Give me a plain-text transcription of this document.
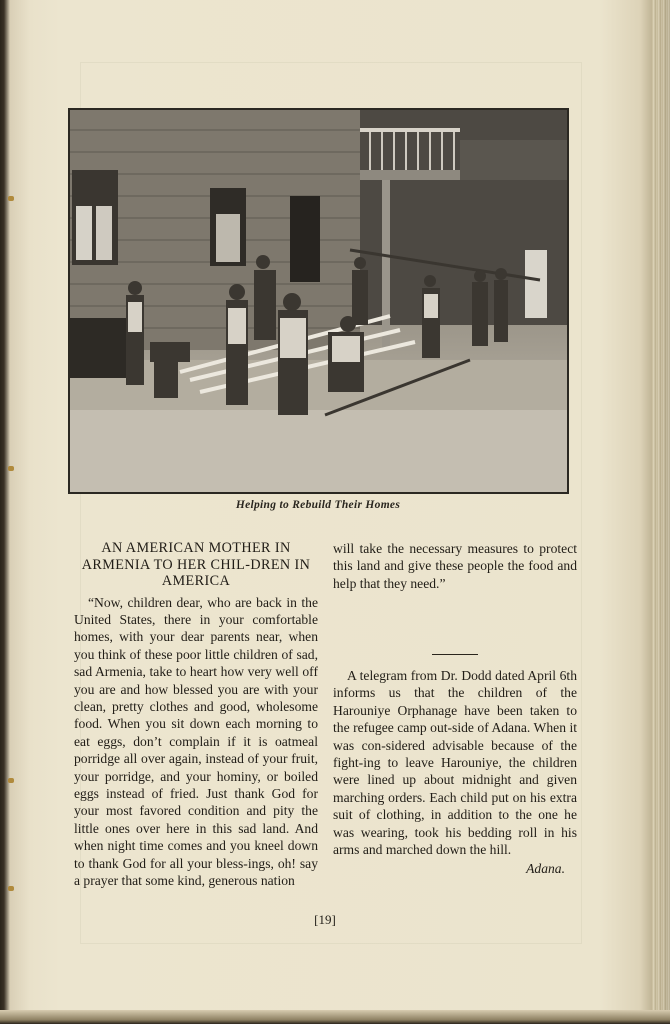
Helping to Rebuild Their Homes
AN AMERICAN MOTHER IN ARMENIA TO HER CHIL-DREN IN AMERICA

“Now, children dear, who are back in the United States, there in your comfortable homes, with your dear parents near, when you think of these poor little children of sad, sad Armenia, take to heart how very well off you are and how blessed you are with your clean, pretty clothes and good, wholesome food. When you sit down each morning to eat eggs, don’t complain if it is oatmeal porridge all over again, instead of your fruit, your porridge, and your hominy, or boiled eggs instead of fried. Just thank God for your most favored condition and pity the little ones over here in this sad land. And when night time comes and you kneel down to thank God for all your bless-ings, oh! say a prayer that some kind, generous nation

will take the necessary measures to protect this land and give these people the food and help that they need.”

A telegram from Dr. Dodd dated April 6th informs us that the children of the Harouniye Orphanage have been taken to the refugee camp out-side of Adana. When it was con-sidered advisable because of the fight-ing to leave Harouniye, the children were lined up about midnight and given marching orders. Each child put on his extra suit of clothing, in addition to the one he was wearing, took his bedding roll in his arms and marched down the hill.

Adana.

[19]
